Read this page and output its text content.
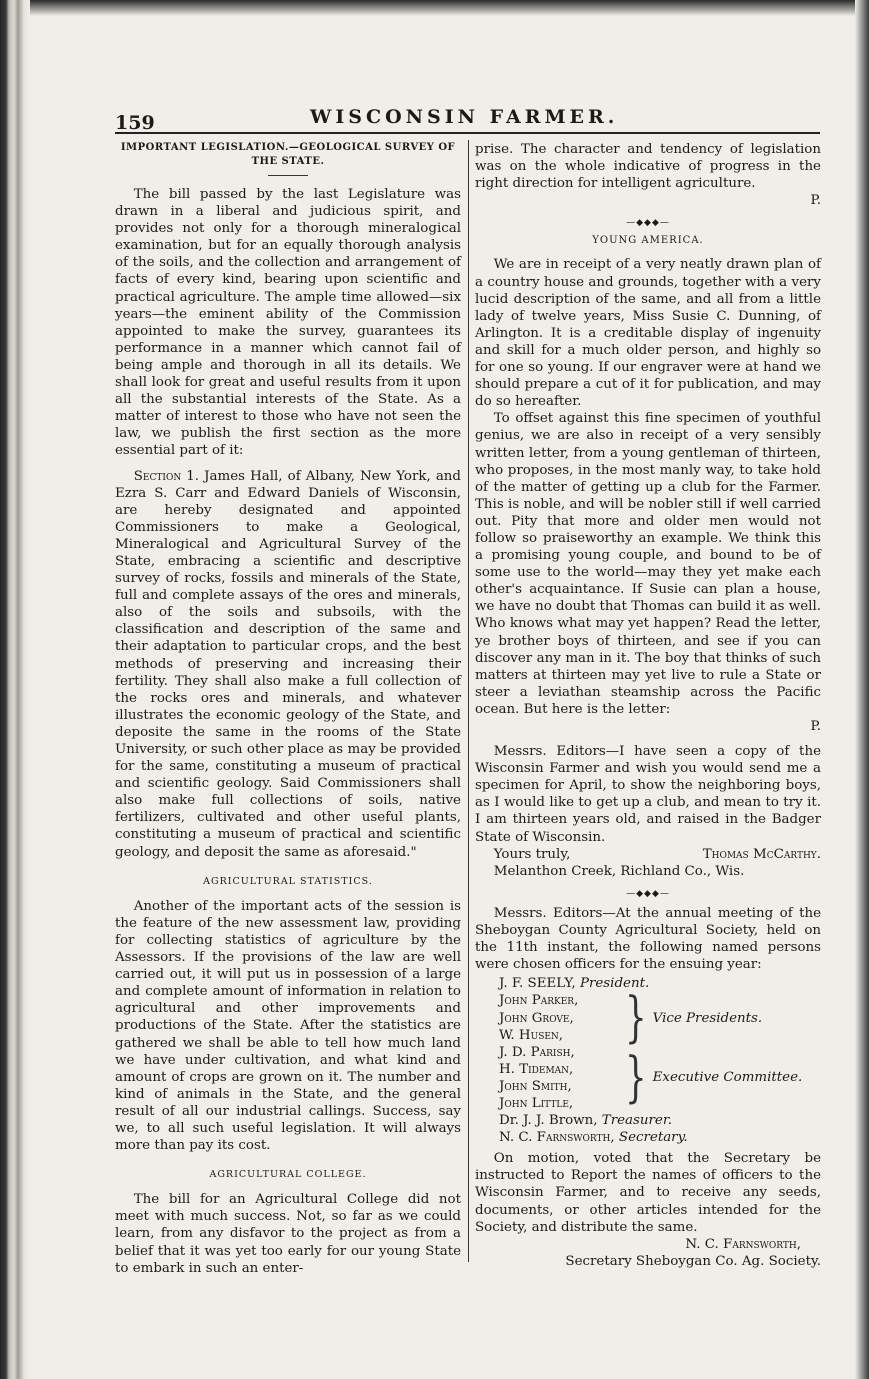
159	WISCONSIN FARMER.
IMPORTANT LEGISLATION.—GEOLOGICAL SURVEY OF THE STATE.

The bill passed by the last Legislature was drawn in a liberal and judicious spirit, and provides not only for a thorough mineralogical examination, but for an equally thorough analysis of the soils, and the collection and arrangement of facts of every kind, bearing upon scientific and practical agriculture. The ample time allowed—six years—the eminent ability of the Commission appointed to make the survey, guarantees its performance in a manner which cannot fail of being ample and thorough in all its details. We shall look for great and useful results from it upon all the substantial interests of the State. As a matter of interest to those who have not seen the law, we publish the first section as the more essential part of it:

Section 1. James Hall, of Albany, New York, and Ezra S. Carr and Edward Daniels of Wisconsin, are hereby designated and appointed Commissioners to make a Geological, Mineralogical and Agricultural Survey of the State, embracing a scientific and descriptive survey of rocks, fossils and minerals of the State, full and complete assays of the ores and minerals, also of the soils and subsoils, with the classification and description of the same and their adaptation to particular crops, and the best methods of preserving and increasing their fertility. They shall also make a full collection of the rocks ores and minerals, and whatever illustrates the economic geology of the State, and deposite the same in the rooms of the State University, or such other place as may be provided for the same, constituting a museum of practical and scientific geology. Said Commissioners shall also make full collections of soils, native fertilizers, cultivated and other useful plants, constituting a museum of practical and scientific geology, and deposit the same as aforesaid."

AGRICULTURAL STATISTICS.

Another of the important acts of the session is the feature of the new assessment law, providing for collecting statistics of agriculture by the Assessors. If the provisions of the law are well carried out, it will put us in possession of a large and complete amount of information in relation to agricultural and other improvements and productions of the State. After the statistics are gathered we shall be able to tell how much land we have under cultivation, and what kind and amount of crops are grown on it. The number and kind of animals in the State, and the general result of all our industrial callings. Success, say we, to all such useful legislation. It will always more than pay its cost.

AGRICULTURAL COLLEGE.

The bill for an Agricultural College did not meet with much success. Not, so far as we could learn, from any disfavor to the project as from a belief that it was yet too early for our young State to embark in such an enter-

prise. The character and tendency of legislation was on the whole indicative of progress in the right direction for intelligent agriculture.

P.
—◆◆◆—
YOUNG AMERICA.

We are in receipt of a very neatly drawn plan of a country house and grounds, together with a very lucid description of the same, and all from a little lady of twelve years, Miss Susie C. Dunning, of Arlington. It is a creditable display of ingenuity and skill for a much older person, and highly so for one so young. If our engraver were at hand we should prepare a cut of it for publication, and may do so hereafter.

To offset against this fine specimen of youthful genius, we are also in receipt of a very sensibly written letter, from a young gentleman of thirteen, who proposes, in the most manly way, to take hold of the matter of getting up a club for the Farmer. This is noble, and will be nobler still if well carried out. Pity that more and older men would not follow so praiseworthy an example. We think this a promising young couple, and bound to be of some use to the world—may they yet make each other's acquaintance. If Susie can plan a house, we have no doubt that Thomas can build it as well. Who knows what may yet happen? Read the letter, ye brother boys of thirteen, and see if you can discover any man in it. The boy that thinks of such matters at thirteen may yet live to rule a State or steer a leviathan steamship across the Pacific ocean. But here is the letter:

P.

Messrs. Editors—I have seen a copy of the Wisconsin Farmer and wish you would send me a specimen for April, to show the neighboring boys, as I would like to get up a club, and mean to try it. I am thirteen years old, and raised in the Badger State of Wisconsin.

Yours truly,	Thomas McCarthy.

Melanthon Creek, Richland Co., Wis.

—◆◆◆—

Messrs. Editors—At the annual meeting of the Sheboygan County Agricultural Society, held on the 11th instant, the following named persons were chosen officers for the ensuing year:

J. F. SEELY, President.
John Parker,
John Grove,
W. Husen,	} Vice Presidents.
J. D. Parish,
H. Tideman,
John Smith,
John Little,	} Executive Committee.
Dr. J. J. Brown, Treasurer.
N. C. Farnsworth, Secretary.

On motion, voted that the Secretary be instructed to Report the names of officers to the Wisconsin Farmer, and to receive any seeds, documents, or other articles intended for the Society, and distribute the same.

N. C. Farnsworth,
Secretary Sheboygan Co. Ag. Society.
